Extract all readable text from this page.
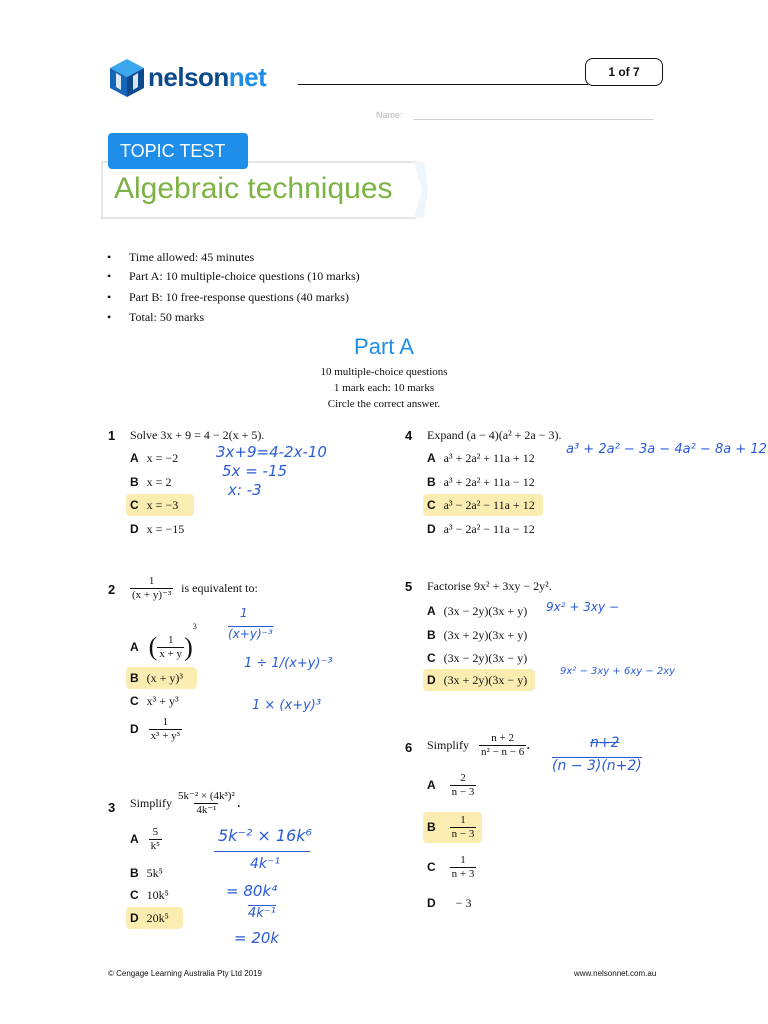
nelsonnet	1 of 7
Name:
Algebraic techniques
TOPIC TEST
• Time allowed: 45 minutes
• Part A: 10 multiple-choice questions (10 marks)
• Part B: 10 free-response questions (40 marks)
• Total: 50 marks
Part A
10 multiple-choice questions
1 mark each: 10 marks
Circle the correct answer.
1 Solve 3x + 9 = 4 − 2(x + 5).
A x = −2
B x = 2
C x = −3
D x = −15
3x+9=4-2x-10
5x = -15
x: -3
$2 \frac{1}{\text{(x + y)⁻³}}$ is equivalent to:
A ( $\frac{1}{x + y} )^3$
B (x + y)³
C x³ + y³
D $\frac{1}{\text{x³ + y³}}$
1
(x+y)⁻³
1 ÷ 1/(x+y)⁻³
1 × (x+y)³
3 Simplify $\frac{\text{5k⁻² × (4k³)²}}{\text{4k⁻¹}}$ .
A $\frac{5}{\text{k⁵}}$
B 5k⁵
C 10k⁵
D 20k⁵
5k⁻² × 16k⁶
4k⁻¹
= 80k⁴
4k⁻¹
= 20k
4 Expand (a − 4)(a² + 2a − 3).
A a³ + 2a² + 11a + 12
B a³ + 2a² + 11a − 12
C a³ − 2a² − 11a + 12
D a³ − 2a² − 11a − 12
a³ + 2a² − 3a − 4a² − 8a + 12
5 Factorise 9x² + 3xy − 2y².
A (3x − 2y)(3x + y)
B (3x + 2y)(3x + y)
C (3x − 2y)(3x − y)
D (3x + 2y)(3x − y)
9x² + 3xy −
9x² − 3xy + 6xy − 2xy
6 Simplify $\frac{n + 2}{\text{n² − n − 6}}$ .
A $\frac{2}{n - 3}$
B $\frac{1}{n - 3}$
C $\frac{1}{n + 3}$
D − 3
n+2
(n − 3)(n+2)
© Cengage Learning Australia Pty Ltd 2019	www.nelsonnet.com.au
